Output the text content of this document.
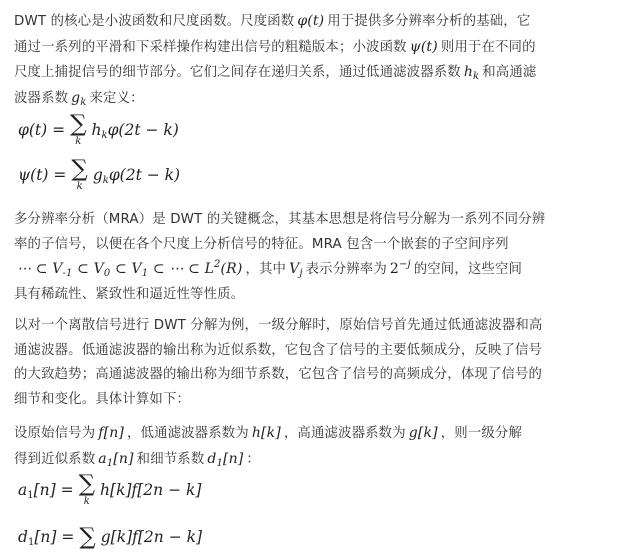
DWT 的核心是小波函数和尺度函数。尺度函数 φ(t) 用于提供多分辨率分析的基础，它
通过一系列的平滑和下采样操作构建出信号的粗糙版本；小波函数 ψ(t) 则用于在不同的
尺度上捕捉信号的细节部分。它们之间存在递归关系，通过低通滤波器系数 $h_k$ 和高通滤
波器系数 $g_k$ 来定义：

φ(t) = ∑
k
$h_k$ φ(2t − k)
ψ(t) = ∑
k
$g_k$ φ(2t − k)

多分辨率分析（MRA）是 DWT 的关键概念，其基本思想是将信号分解为一系列不同分辨
率的子信号，以便在各个尺度上分析信号的特征。MRA 包含一个嵌套的子空间序列
⋯ ⊂ $V_{-1}$ ⊂ $V_0$ ⊂ $V_1$ ⊂ ⋯ ⊂ $L^2(R)$ ，其中 $V_j$ 表示分辨率为 $2^{-j}$ 的空间，这些空间
具有稀疏性、紧致性和逼近性等性质。

以对一个离散信号进行 DWT 分解为例，一级分解时，原始信号首先通过低通滤波器和高
通滤波器。低通滤波器的输出称为近似系数，它包含了信号的主要低频成分，反映了信号
的大致趋势；高通滤波器的输出称为细节系数，它包含了信号的高频成分，体现了信号的
细节和变化。具体计算如下：

设原始信号为 f[n] ，低通滤波器系数为 h[k] ，高通滤波器系数为 g[k] ，则一级分解
得到近似系数 $a_1[n]$ 和细节系数 $d_1[n]$ ：

$a_1$ [n] = ∑
k
h[k]f[2n − k]
$d_1$ [n] = ∑ g[k]f[2n − k]
